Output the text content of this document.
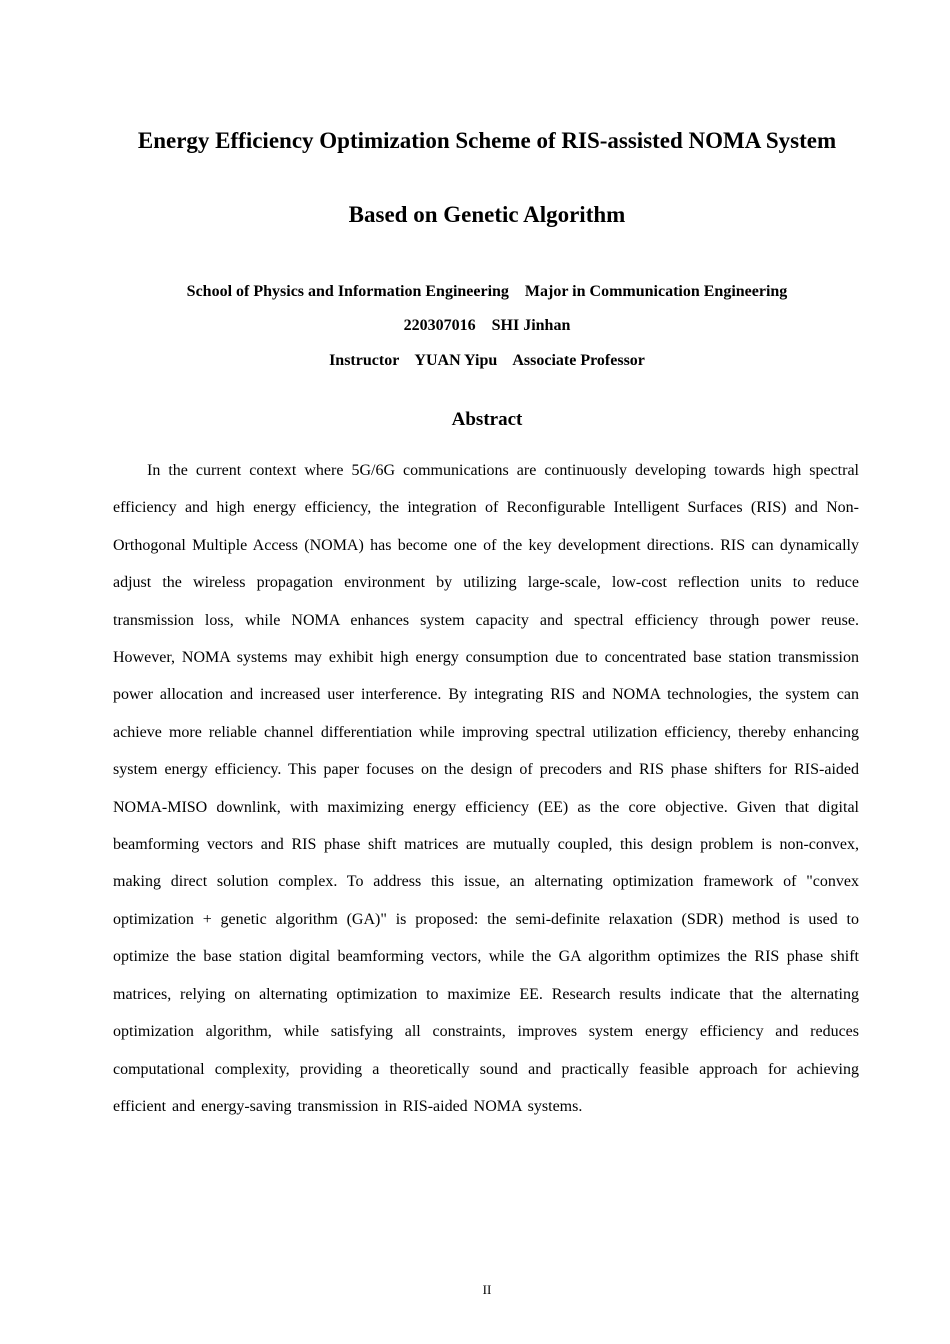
Energy Efficiency Optimization Scheme of RIS-assisted NOMA System
Based on Genetic Algorithm
School of Physics and Information Engineering    Major in Communication Engineering
220307016    SHI Jinhan
Instructor    YUAN Yipu    Associate Professor
Abstract

In the current context where 5G/6G communications are continuously developing towards high spectral efficiency and high energy efficiency, the integration of Reconfigurable Intelligent Surfaces (RIS) and Non-Orthogonal Multiple Access (NOMA) has become one of the key development directions. RIS can dynamically adjust the wireless propagation environment by utilizing large-scale, low-cost reflection units to reduce transmission loss, while NOMA enhances system capacity and spectral efficiency through power reuse. However, NOMA systems may exhibit high energy consumption due to concentrated base station transmission power allocation and increased user interference. By integrating RIS and NOMA technologies, the system can achieve more reliable channel differentiation while improving spectral utilization efficiency, thereby enhancing system energy efficiency. This paper focuses on the design of precoders and RIS phase shifters for RIS-aided NOMA-MISO downlink, with maximizing energy efficiency (EE) as the core objective. Given that digital beamforming vectors and RIS phase shift matrices are mutually coupled, this design problem is non-convex, making direct solution complex. To address this issue, an alternating optimization framework of "convex optimization + genetic algorithm (GA)" is proposed: the semi-definite relaxation (SDR) method is used to optimize the base station digital beamforming vectors, while the GA algorithm optimizes the RIS phase shift matrices, relying on alternating optimization to maximize EE. Research results indicate that the alternating optimization algorithm, while satisfying all constraints, improves system energy efficiency and reduces computational complexity, providing a theoretically sound and practically feasible approach for achieving efficient and energy-saving transmission in RIS-aided NOMA systems.

II
